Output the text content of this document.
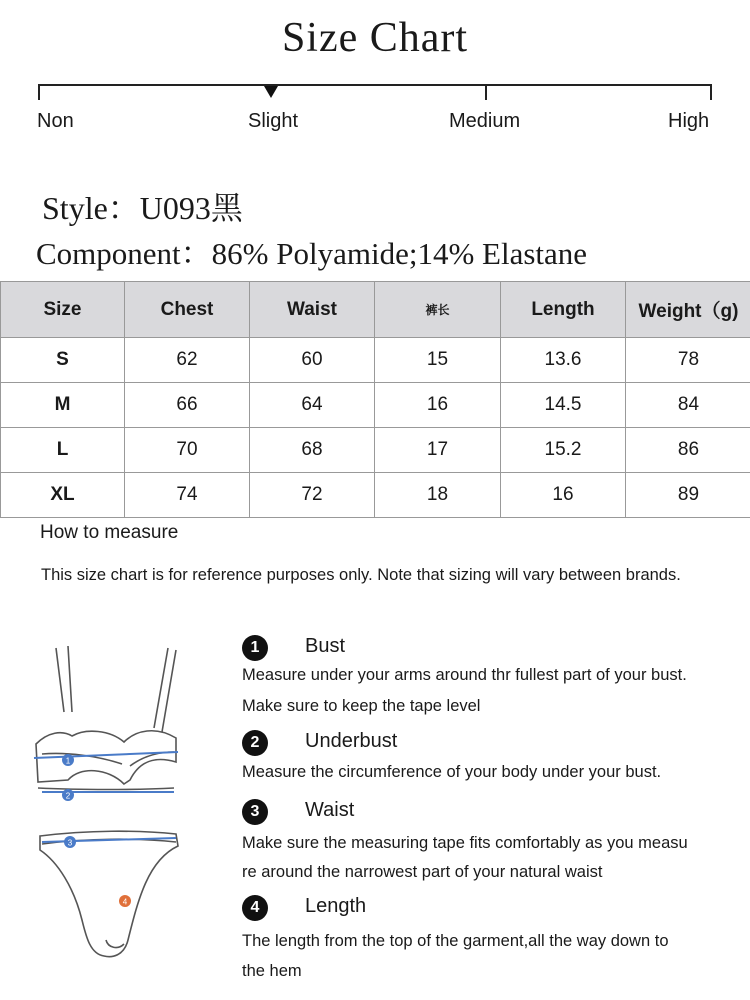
Size Chart
Non	Slight	Medium	High
Style：U093黑
Component：86% Polyamide;14% Elastane
Size	Chest	Waist	裤长	Length	Weight（g)
S	62	60	15	13.6	78
M	66	64	16	14.5	84
L	70	68	17	15.2	86
XL	74	72	18	16	89
How to measure
This size chart is for reference purposes only. Note that sizing will vary between brands.
1
2
3
4
1	Bust
Measure under your arms around thr fullest part of your bust.
Make sure to keep the tape level
2	Underbust
Measure the circumference of your body under your bust.
3	Waist
Make sure the measuring tape fits comfortably as you measu
re around the narrowest part of your natural waist
4	Length
The length from the top of the garment,all the way down to
the hem
